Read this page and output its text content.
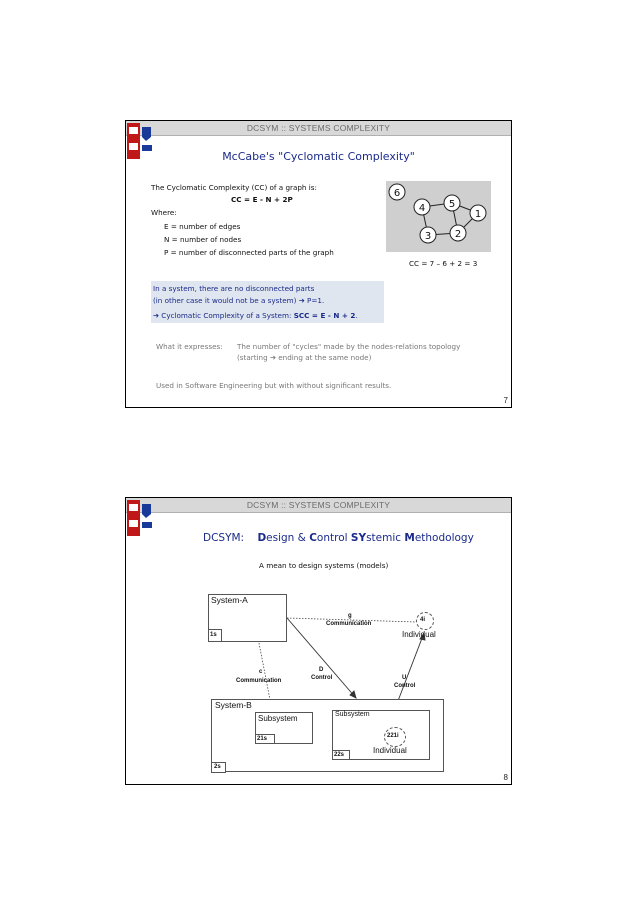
DCSYM :: SYSTEMS COMPLEXITY
McCabe's "Cyclomatic Complexity"
The Cyclomatic Complexity (CC) of a graph is:
CC = E - N + 2P
Where:
E = number of edges
N = number of nodes
P = number of disconnected parts of the graph
6
4 5
1
3 2
CC = 7 – 6 + 2 = 3
In a system, there are no disconnected parts
(in other case it would not be a system) ➔ P=1.
➔ Cyclomatic Complexity of a System: SCC = E - N + 2.
What it expresses: The number of "cycles" made by the nodes-relations topology
(starting ➔ ending at the same node)
Used in Software Engineering but with without significant results.
7
DCSYM :: SYSTEMS COMPLEXITY
DCSYM: Design & Control SYstemic Methodology
A mean to design systems (models)
System-A
1s
g
Communication
4i
Individual
c
Communication
D
Control	U
Control
System-B
2s
Subsystem
21s
Subsystem
22s
221i
Individual
8
